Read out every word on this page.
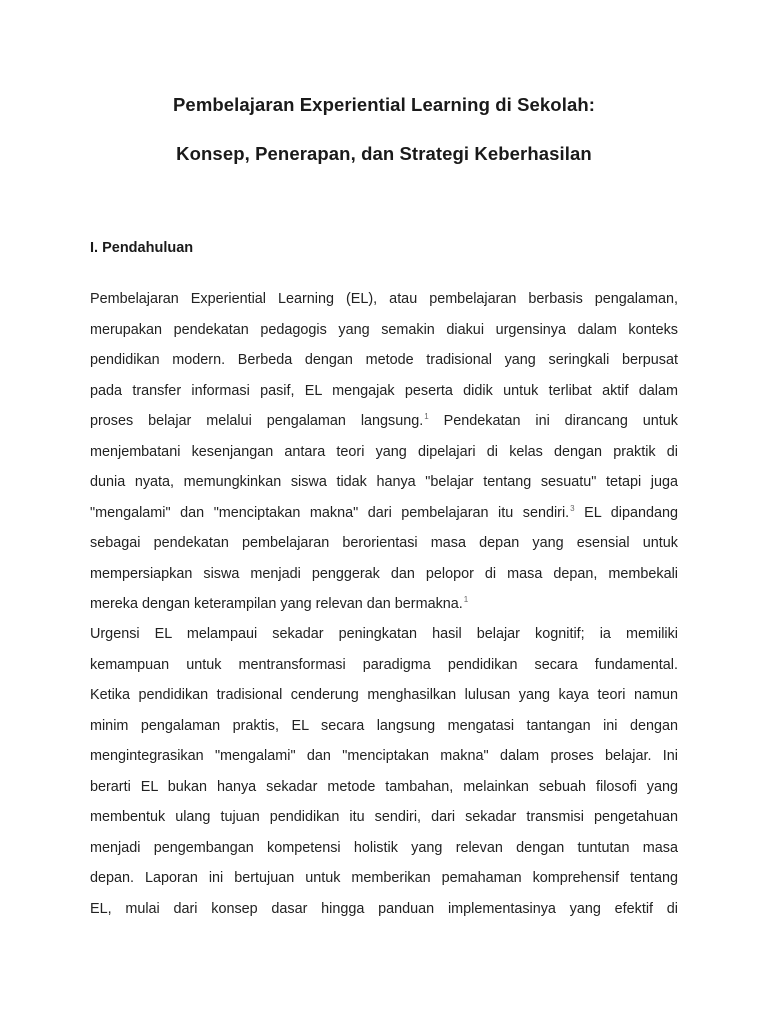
Pembelajaran Experiential Learning di Sekolah:
Konsep, Penerapan, dan Strategi Keberhasilan
I. Pendahuluan
Pembelajaran Experiential Learning (EL), atau pembelajaran berbasis pengalaman,
merupakan pendekatan pedagogis yang semakin diakui urgensinya dalam konteks
pendidikan modern. Berbeda dengan metode tradisional yang seringkali berpusat
pada transfer informasi pasif, EL mengajak peserta didik untuk terlibat aktif dalam
proses belajar melalui pengalaman langsung.$^1$ Pendekatan ini dirancang untuk
menjembatani kesenjangan antara teori yang dipelajari di kelas dengan praktik di
dunia nyata, memungkinkan siswa tidak hanya "belajar tentang sesuatu" tetapi juga
"mengalami" dan "menciptakan makna" dari pembelajaran itu sendiri.$^3$ EL dipandang
sebagai pendekatan pembelajaran berorientasi masa depan yang esensial untuk
mempersiapkan siswa menjadi penggerak dan pelopor di masa depan, membekali
mereka dengan keterampilan yang relevan dan bermakna.$^1$
Urgensi EL melampaui sekadar peningkatan hasil belajar kognitif; ia memiliki
kemampuan untuk mentransformasi paradigma pendidikan secara fundamental.
Ketika pendidikan tradisional cenderung menghasilkan lulusan yang kaya teori namun
minim pengalaman praktis, EL secara langsung mengatasi tantangan ini dengan
mengintegrasikan "mengalami" dan "menciptakan makna" dalam proses belajar. Ini
berarti EL bukan hanya sekadar metode tambahan, melainkan sebuah filosofi yang
membentuk ulang tujuan pendidikan itu sendiri, dari sekadar transmisi pengetahuan
menjadi pengembangan kompetensi holistik yang relevan dengan tuntutan masa
depan. Laporan ini bertujuan untuk memberikan pemahaman komprehensif tentang
EL, mulai dari konsep dasar hingga panduan implementasinya yang efektif di
